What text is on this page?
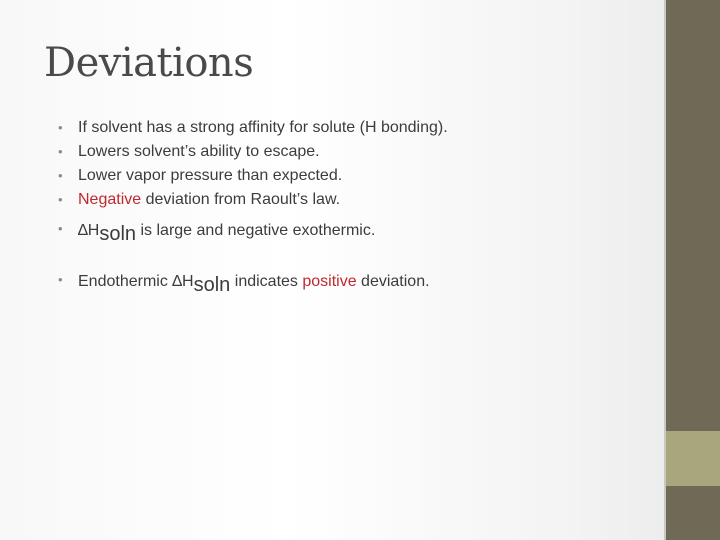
Deviations
• If solvent has a strong affinity for solute (H bonding).
• Lowers solvent’s ability to escape.
• Lower vapor pressure than expected.
• Negative deviation from Raoult’s law.
• ∆Hsoln is large and negative exothermic.
• Endothermic ∆Hsoln indicates positive deviation.
